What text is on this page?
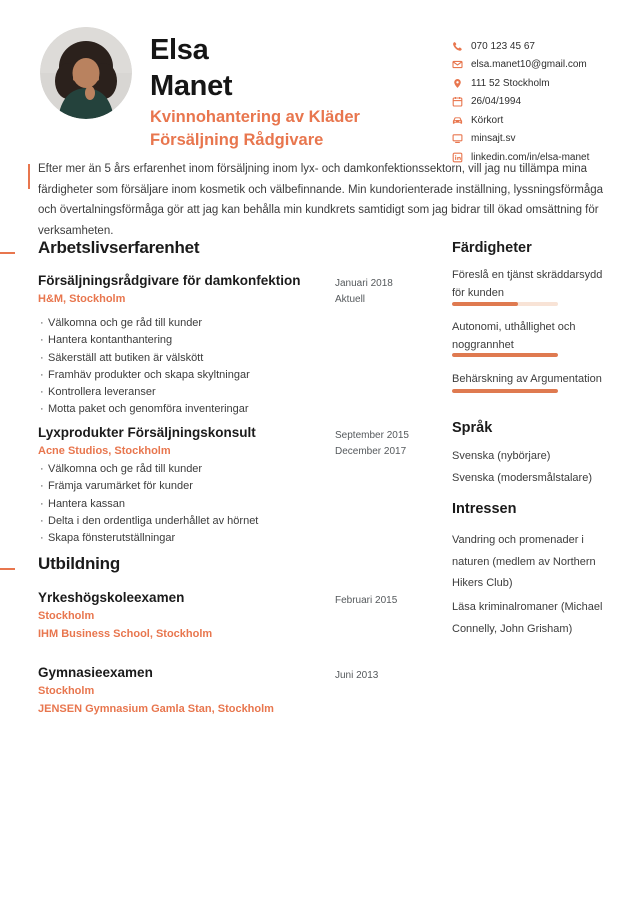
Elsa
Manet
Kvinnohantering av Kläder
Försäljning Rådgivare
070 123 45 67
elsa.manet10@gmail.com
111 52 Stockholm
26/04/1994
Körkort
minsajt.sv
linkedin.com/in/elsa-manet

Efter mer än 5 års erfarenhet inom försäljning inom lyx- och damkonfektionssektorn, vill jag nu tillämpa mina färdigheter som försäljare inom kosmetik och välbefinnande. Min kundorienterade inställning, lyssningsförmåga och övertalningsförmåga gör att jag kan behålla min kundkrets samtidigt som jag bidrar till ökad omsättning för verksamheten.

Arbetslivserfarenhet
Försäljningsrådgivare för damkonfektion
H&M, Stockholm
Januari 2018
Aktuell
· Välkomna och ge råd till kunder
· Hantera kontanthantering
· Säkerställ att butiken är välskött
· Framhäv produkter och skapa skyltningar
· Kontrollera leveranser
· Motta paket och genomföra inventeringar
Lyxprodukter Försäljningskonsult
Acne Studios, Stockholm
September 2015
December 2017
· Välkomna och ge råd till kunder
· Främja varumärket för kunder
· Hantera kassan
· Delta i den ordentliga underhållet av hörnet
· Skapa fönsterutställningar
Utbildning
Yrkeshögskoleexamen
Stockholm
IHM Business School, Stockholm
Februari 2015
Gymnasieexamen
Stockholm
JENSEN Gymnasium Gamla Stan, Stockholm
Juni 2013
Färdigheter
Föreslå en tjänst skräddarsydd för kunden
Autonomi, uthållighet och noggrannhet
Behärskning av Argumentation
Språk
Svenska (nybörjare)
Svenska (modersmålstalare)
Intressen
Vandring och promenader i naturen (medlem av Northern Hikers Club)
Läsa kriminalromaner (Michael Connelly, John Grisham)
